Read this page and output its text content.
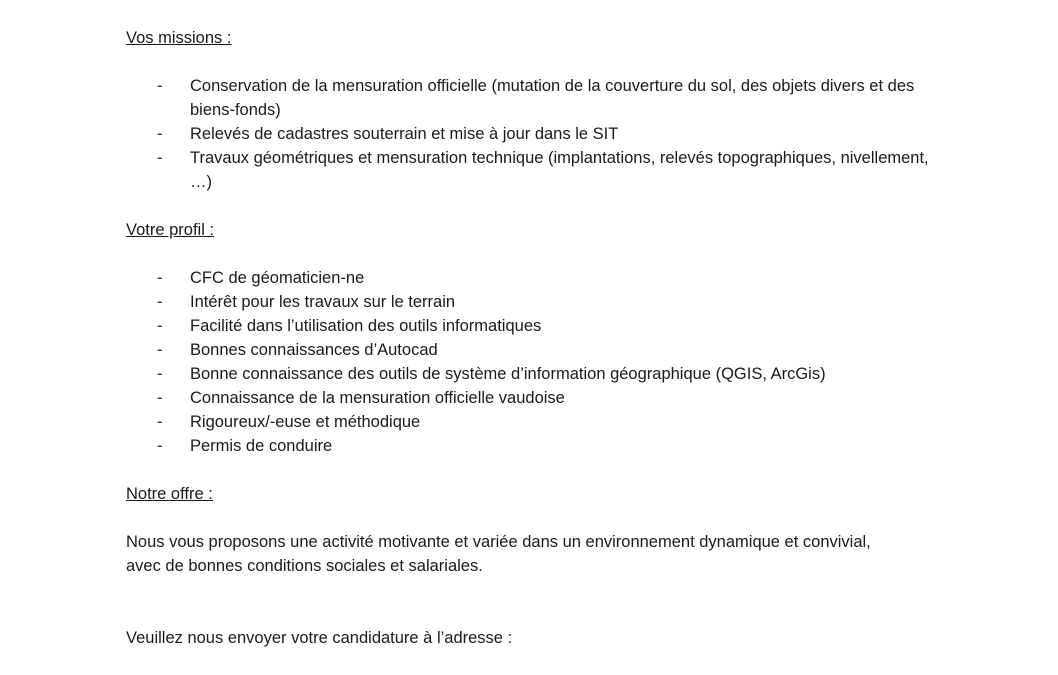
Vos missions :
- Conservation de la mensuration officielle (mutation de la couverture du sol, des objets divers et des biens-fonds)
- Relevés de cadastres souterrain et mise à jour dans le SIT
- Travaux géométriques et mensuration technique (implantations, relevés topographiques, nivellement, …)
Votre profil :
- CFC de géomaticien-ne
- Intérêt pour les travaux sur le terrain
- Facilité dans l’utilisation des outils informatiques
- Bonnes connaissances d’Autocad
- Bonne connaissance des outils de système d’information géographique (QGIS, ArcGis)
- Connaissance de la mensuration officielle vaudoise
- Rigoureux/-euse et méthodique
- Permis de conduire
Notre offre :

Nous vous proposons une activité motivante et variée dans un environnement dynamique et convivial, avec de bonnes conditions sociales et salariales.

Veuillez nous envoyer votre candidature à l’adresse :
